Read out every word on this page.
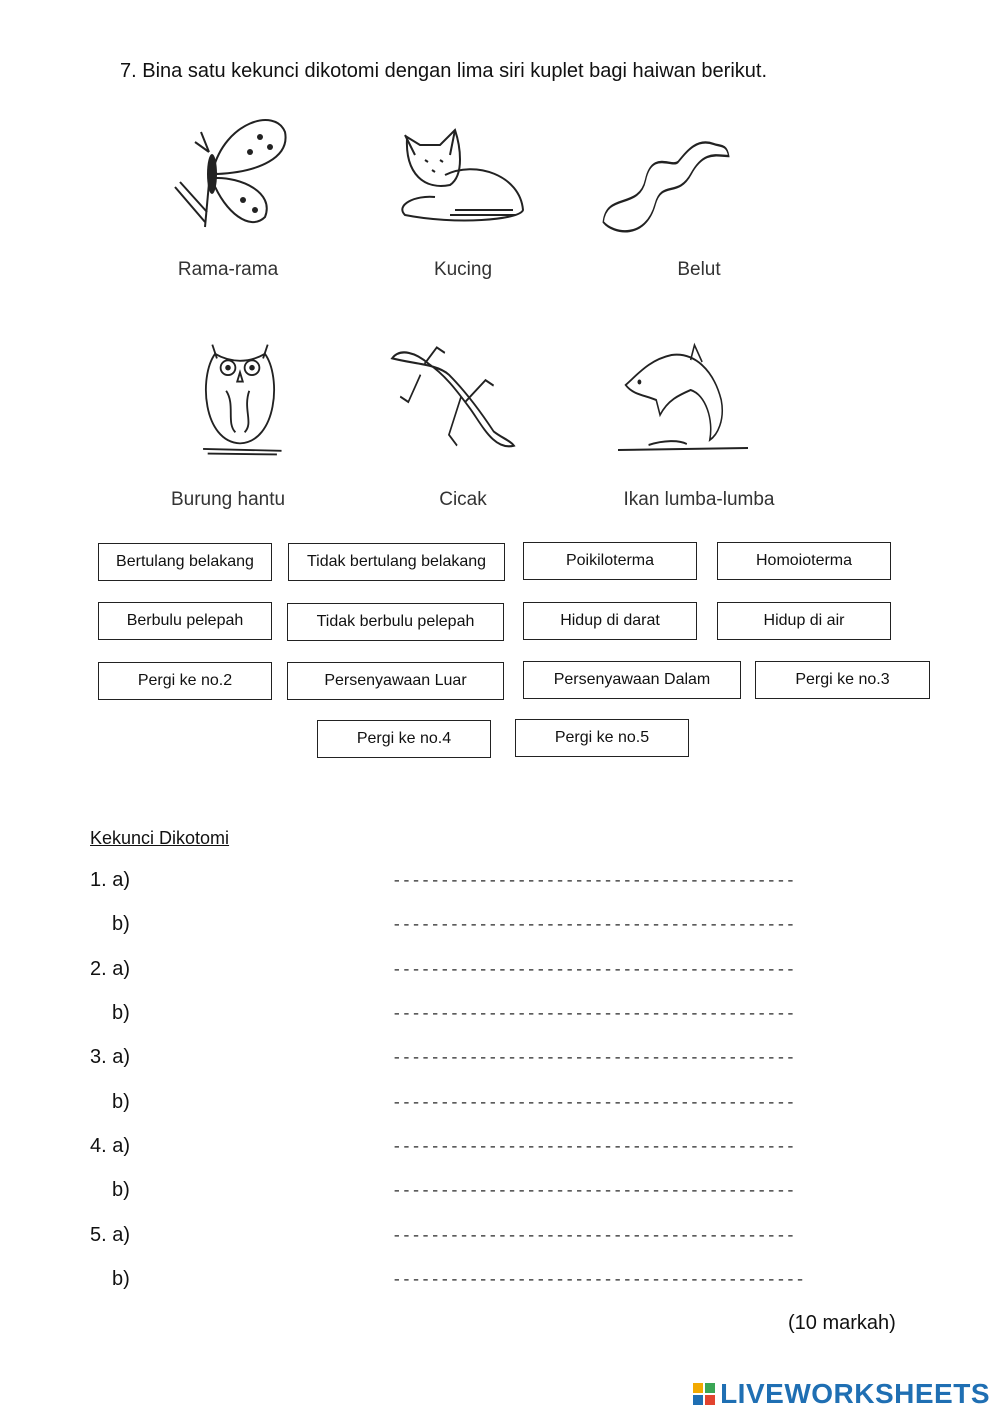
7. Bina satu kekunci dikotomi dengan lima siri kuplet bagi haiwan berikut.
Rama-rama	Kucing	Belut
Burung hantu	Cicak	Ikan lumba-lumba
Bertulang belakang	Tidak bertulang belakang	Poikiloterma	Homoioterma
Berbulu pelepah	Tidak berbulu pelepah	Hidup di darat	Hidup di air
Pergi ke no.2	Persenyawaan Luar	Persenyawaan Dalam	Pergi ke no.3
Pergi ke no.4	Pergi ke no.5
Kekunci Dikotomi
1. a)	------------------------------------------
b)	------------------------------------------
2. a)	------------------------------------------
b)	------------------------------------------
3. a)	------------------------------------------
b)	------------------------------------------
4. a)	------------------------------------------
b)	------------------------------------------
5. a)	------------------------------------------
b)	-------------------------------------------
(10 markah)
LIVEWORKSHEETS
